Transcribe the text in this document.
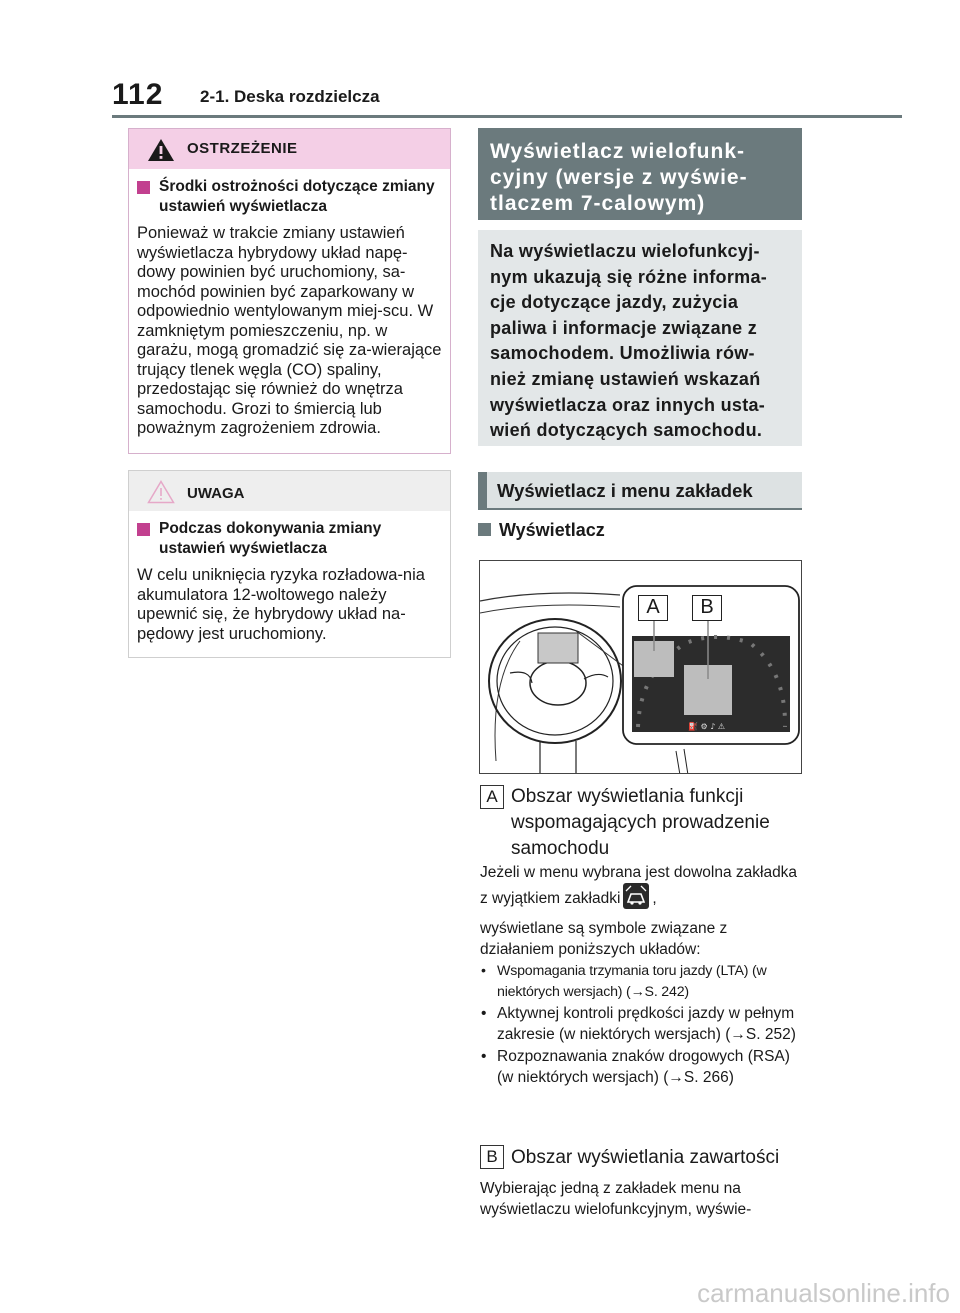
112 2-1. Deska rozdzielcza
OSTRZEŻENIE
Środki ostrożności dotyczące zmiany ustawień wyświetlacza
Ponieważ w trakcie zmiany ustawień wyświetlacza hybrydowy układ napę-dowy powinien być uruchomiony, sa-mochód powinien być zaparkowany w odpowiednio wentylowanym miej-scu. W zamkniętym pomieszczeniu, np. w garażu, mogą gromadzić się za-wierające trujący tlenek węgla (CO) spaliny, przedostając się również do wnętrza samochodu. Grozi to śmiercią lub poważnym zagrożeniem zdrowia.
UWAGA
Podczas dokonywania zmiany ustawień wyświetlacza
W celu uniknięcia ryzyka rozładowa-nia akumulatora 12-woltowego należy upewnić się, że hybrydowy układ na-pędowy jest uruchomiony.
Wyświetlacz wielofunk-cyjny (wersje z wyświe-tlaczem 7-calowym)
Na wyświetlaczu wielofunkcyj-nym ukazują się różne informa-cje dotyczące jazdy, zużycia paliwa i informacje związane z samochodem. Umożliwia rów-nież zmianę ustawień wskazań wyświetlacza oraz innych usta-wień dotyczących samochodu.
Wyświetlacz i menu zakładek
Wyświetlacz
⛽ ⚙ ♪ ⚠
A	B
A Obszar wyświetlania funkcji wspomagających prowadzenie samochodu
Jeżeli w menu wybrana jest dowolna zakładka z wyjątkiem zakładki ,
wyświetlane są symbole związane z działaniem poniższych układów:
• Wspomagania trzymania toru jazdy (LTA) (w niektórych wersjach) (→S. 242)
• Aktywnej kontroli prędkości jazdy w pełnym zakresie (w niektórych wersjach) (→S. 252)
• Rozpoznawania znaków drogowych (RSA) (w niektórych wersjach) (→S. 266)
B Obszar wyświetlania zawartości
Wybierając jedną z zakładek menu na wyświetlaczu wielofunkcyjnym, wyświe-
carmanualsonline.info
